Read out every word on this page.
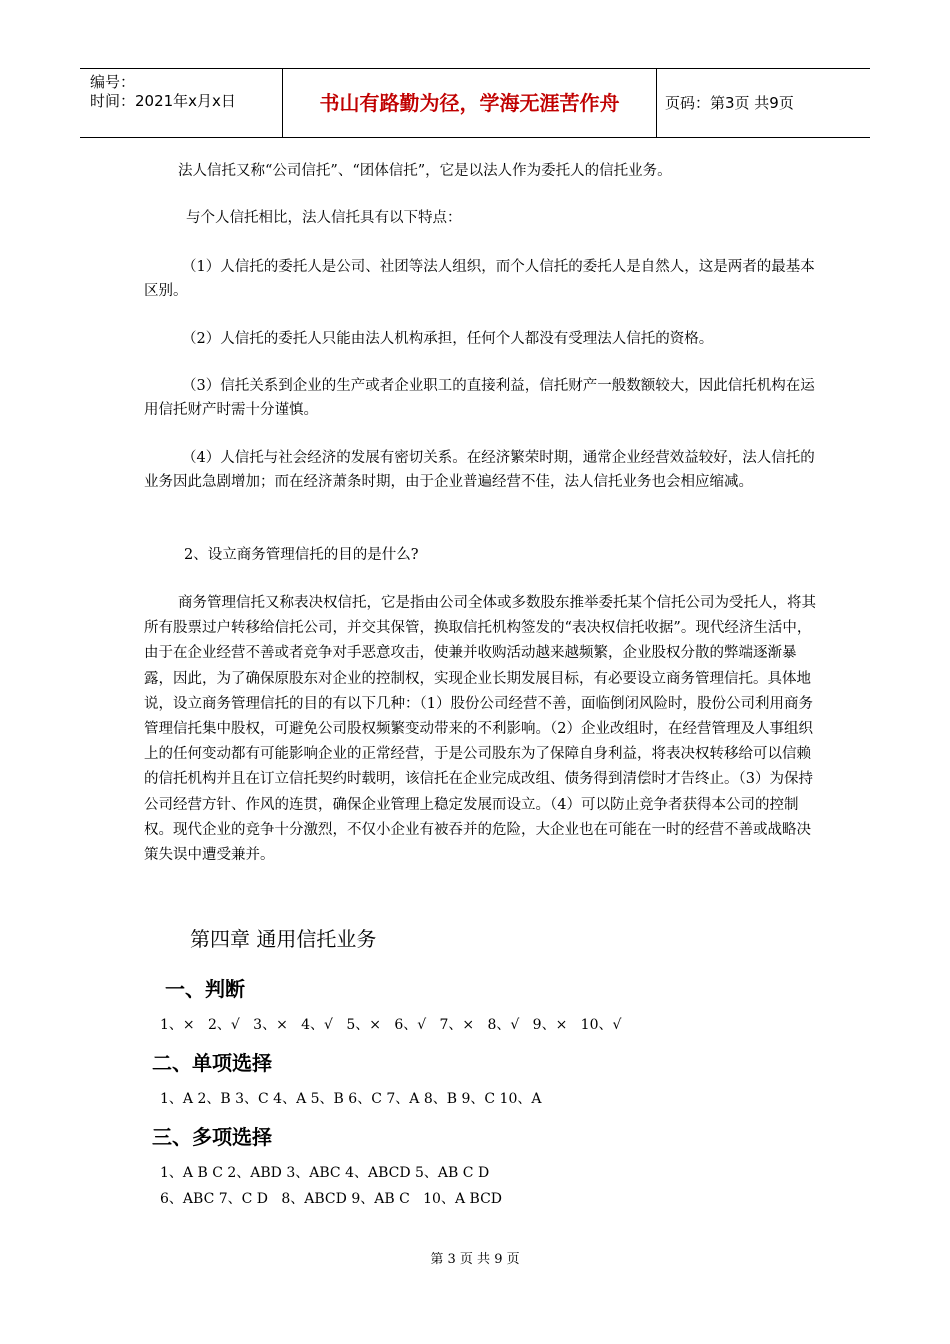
编号：
时间：2021年x月x日	书山有路勤为径，学海无涯苦作舟	页码：第3页 共9页

法人信托又称“公司信托”、“团体信托”，它是以法人作为委托人的信托业务。

与个人信托相比，法人信托具有以下特点：

（1）人信托的委托人是公司、社团等法人组织，而个人信托的委托人是自然人，这是两者的最基本区别。

（2）人信托的委托人只能由法人机构承担，任何个人都没有受理法人信托的资格。

（3）信托关系到企业的生产或者企业职工的直接利益，信托财产一般数额较大，因此信托机构在运用信托财产时需十分谨慎。

（4）人信托与社会经济的发展有密切关系。在经济繁荣时期，通常企业经营效益较好，法人信托的业务因此急剧增加；而在经济萧条时期，由于企业普遍经营不佳，法人信托业务也会相应缩减。

2、设立商务管理信托的目的是什么?

商务管理信托又称表决权信托，它是指由公司全体或多数股东推举委托某个信托公司为受托人，将其所有股票过户转移给信托公司，并交其保管，换取信托机构签发的“表决权信托收据”。现代经济生活中，由于在企业经营不善或者竞争对手恶意攻击，使兼并收购活动越来越频繁，企业股权分散的弊端逐渐暴露，因此，为了确保原股东对企业的控制权，实现企业长期发展目标，有必要设立商务管理信托。具体地说，设立商务管理信托的目的有以下几种：（1）股份公司经营不善，面临倒闭风险时，股份公司利用商务管理信托集中股权，可避免公司股权频繁变动带来的不利影响。（2）企业改组时，在经营管理及人事组织上的任何变动都有可能影响企业的正常经营，于是公司股东为了保障自身利益，将表决权转移给可以信赖的信托机构并且在订立信托契约时载明，该信托在企业完成改组、债务得到清偿时才告终止。（3）为保持公司经营方针、作风的连贯，确保企业管理上稳定发展而设立。（4）可以防止竞争者获得本公司的控制权。现代企业的竞争十分激烈，不仅小企业有被吞并的危险，大企业也在可能在一时的经营不善或战略决策失误中遭受兼并。

第四章 通用信托业务
一、判断
1、×   2、√   3、×   4、√   5、×   6、√   7、×   8、√   9、×   10、√
二、单项选择
1、A 2、B 3、C 4、A 5、B 6、C 7、A 8、B 9、C 10、A
三、多项选择
1、A B C 2、ABD 3、ABC 4、ABCD 5、AB C D
6、ABC 7、C D   8、ABCD 9、AB C   10、A BCD
第 3 页 共 9 页
